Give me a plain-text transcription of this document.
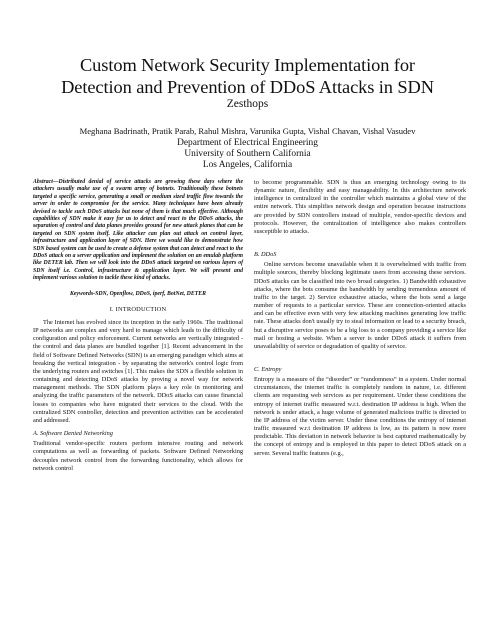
Custom Network Security Implementation for
Detection and Prevention of DDoS Attacks in SDN
Zesthops
Meghana Badrinath, Pratik Parab, Rahul Mishra, Varunika Gupta, Vishal Chavan, Vishal Vasudev
Department of Electrical Engineering
University of Southern California
Los Angeles, California

Abstract—Distributed denial of service attacks are growing these days where the attackers usually make use of a swarm army of botnets. Traditionally these botnets targeted a specific service, generating a small or medium sized traffic flow towards the server in order to compromise for the service. Many techniques have been already devised to tackle such DDoS attacks but none of them is that much effective. Although capabilities of SDN make it easy for us to detect and react to the DDoS attacks, the separation of control and data planes provides ground for new attack planes that can be targeted on SDN system itself. Like attacker can plan out attack on control layer, infrastructure and application layer of SDN. Here we would like to demonstrate how SDN based system can be used to create a defense system that can detect and react to the DDoS attack on a server application and implement the solution on an emulab platform like DETER lab. Then we will look into the DDoS attack targeted on various layers of SDN itself i.e. Control, infrastructure & application layer. We will present and implement various solution to tackle these kind of attacks.

Keywords-SDN, Openflow, DDoS, iperf, BotNet, DETER

I. INTRODUCTION

The Internet has evolved since its inception in the early 1960s. The traditional IP networks are complex and very hard to manage which leads to the difficulty of configuration and policy enforcement. Current networks are vertically integrated - the control and data planes are bundled together [1]. Recent advancement in the field of Software Defined Networks (SDN) is an emerging paradigm which aims at breaking the vertical integration - by separating the network's control logic from the underlying routers and switches [1]. This makes the SDN a flexible solution in containing and detecting DDoS attacks by proving a novel way for network management methods. The SDN platform plays a key role in monitoring and analyzing the traffic parameters of the network. DDoS attacks can cause financial losses to companies who have migrated their services to the cloud. With the centralized SDN controller, detection and prevention activities can be accelerated and addressed.

A. Software Denied Networking

Traditional vendor-specific routers perform intensive routing and network computations as well as forwarding of packets. Software Defined Networking decouples network control from the forwarding functionality, which allows for network control

to become programmable. SDN is thus an emerging technology owing to its dynamic nature, flexibility and easy manageability. In this architecture network intelligence in centralized in the controller which maintains a global view of the entire network. This simplifies network design and operation because instructions are provided by SDN controllers instead of multiple, vendor-specific devices and protocols. However, the centralization of intelligence also makes controllers susceptible to attacks.

B. DDoS

Online services become unavailable when it is overwhelmed with traffic from multiple sources, thereby blocking legitimate users from accessing these services. DDoS attacks can be classified into two broad categories. 1) Bandwidth exhaustive attacks, where the bots consume the bandwidth by sending tremendous amount of traffic to the target. 2) Service exhaustive attacks, where the bots send a large number of requests to a particular service. These are connection-oriented attacks and can be effective even with very few attacking machines generating low traffic rate. These attacks don't usually try to steal information or lead to a security breach, but a disruptive service poses to be a big loss to a company providing a service like mail or hosting a website. When a server is under DDoS attack it suffers from unavailability of service or degradation of quality of service.

C. Entropy

Entropy is a measure of the “disorder” or “randomness” in a system. Under normal circumstances, the internet traffic is completely random in nature, i.e. different clients are requesting web services as per requirement. Under these conditions the entropy of internet traffic measured w.r.t. destination IP address is high. When the network is under attack, a huge volume of generated malicious traffic is directed to the IP address of the victim server. Under these conditions the entropy of internet traffic measured w.r.t destination IP address is low, as its pattern is now more predictable. This deviation in network behavior is best captured mathematically by the concept of entropy and is employed in this paper to detect DDoS attack on a server. Several traffic features (e.g.,
